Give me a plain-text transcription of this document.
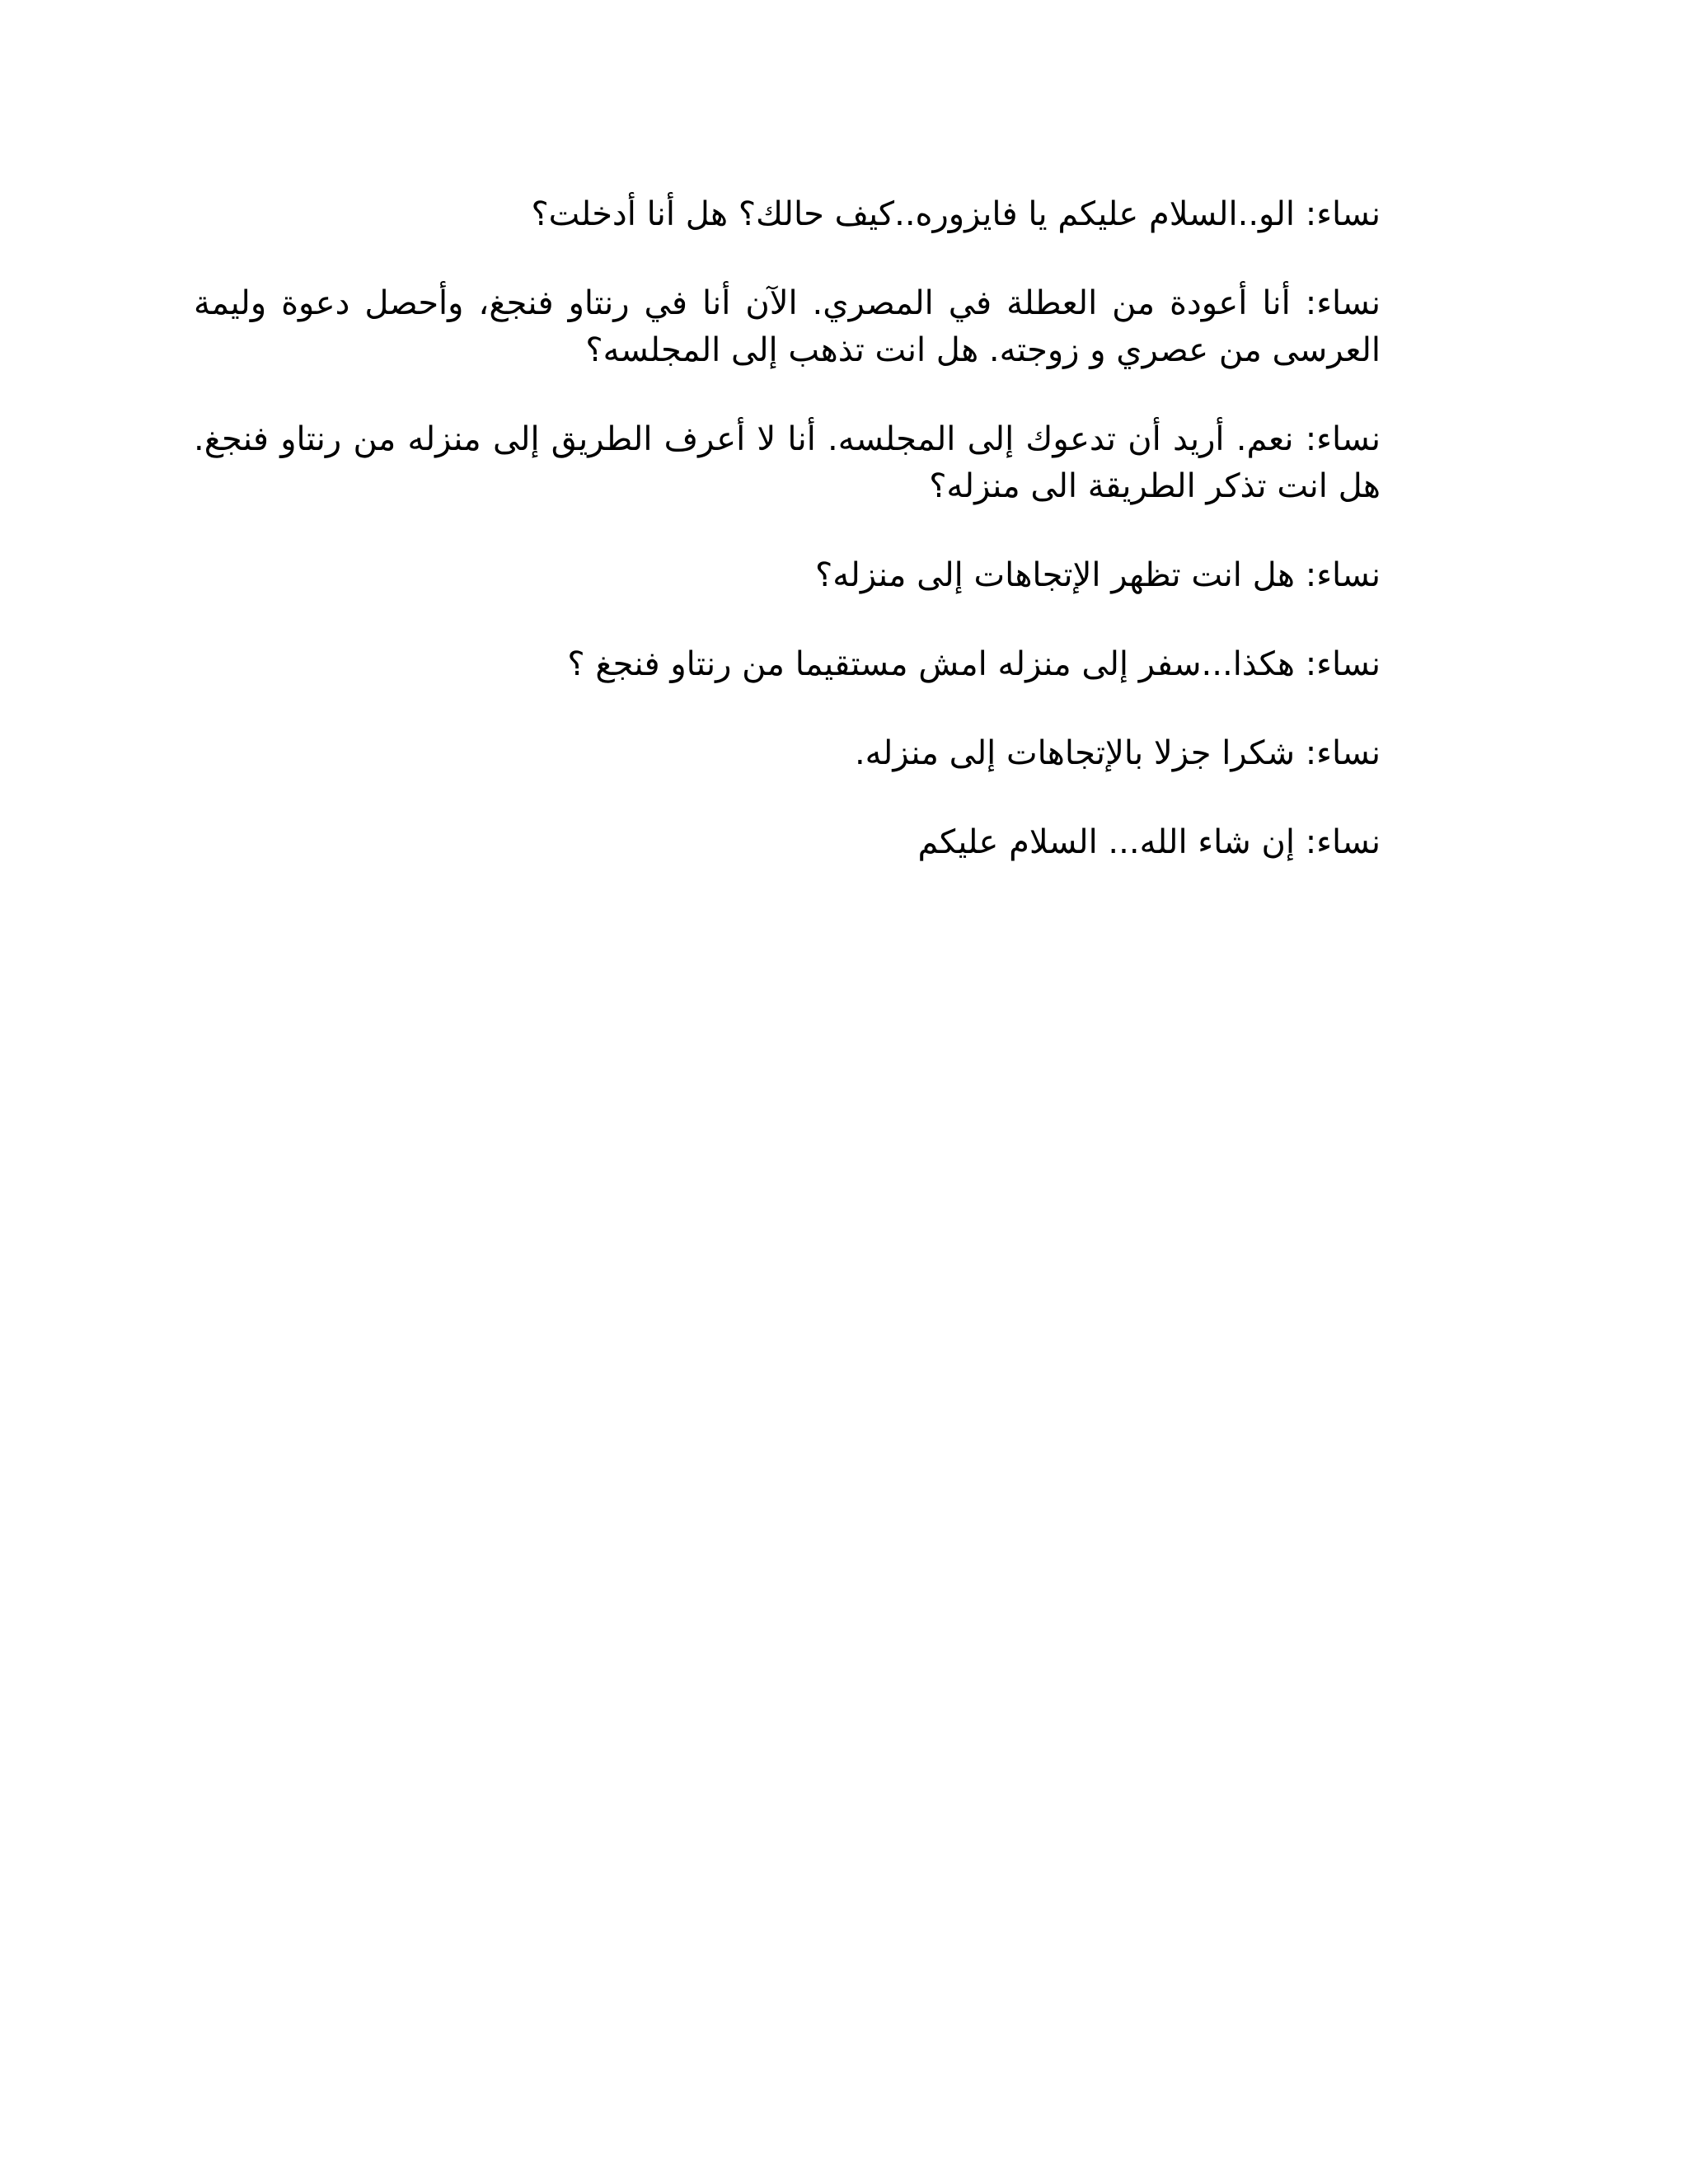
نساء: الو..السلام عليكم يا فايزوره..كيف حالك؟ هل أنا أدخلت؟

نساء: أنا أعودة من العطلة في المصري. الآن أنا في رنتاو فنجغ، وأحصل دعوة وليمة العرسى من عصري و زوجته. هل انت تذهب إلى المجلسه؟

نساء: نعم. أريد أن تدعوك إلى المجلسه. أنا لا أعرف الطريق إلى منزله من رنتاو فنجغ. هل انت تذكر الطريقة الى منزله؟

نساء: هل انت تظهر الإتجاهات إلى منزله؟

نساء: هكذا...سفر إلى منزله امش مستقيما من رنتاو فنجغ ؟

نساء: شكرا جزلا بالإتجاهات إلى منزله.

نساء: إن شاء الله... السلام عليكم
